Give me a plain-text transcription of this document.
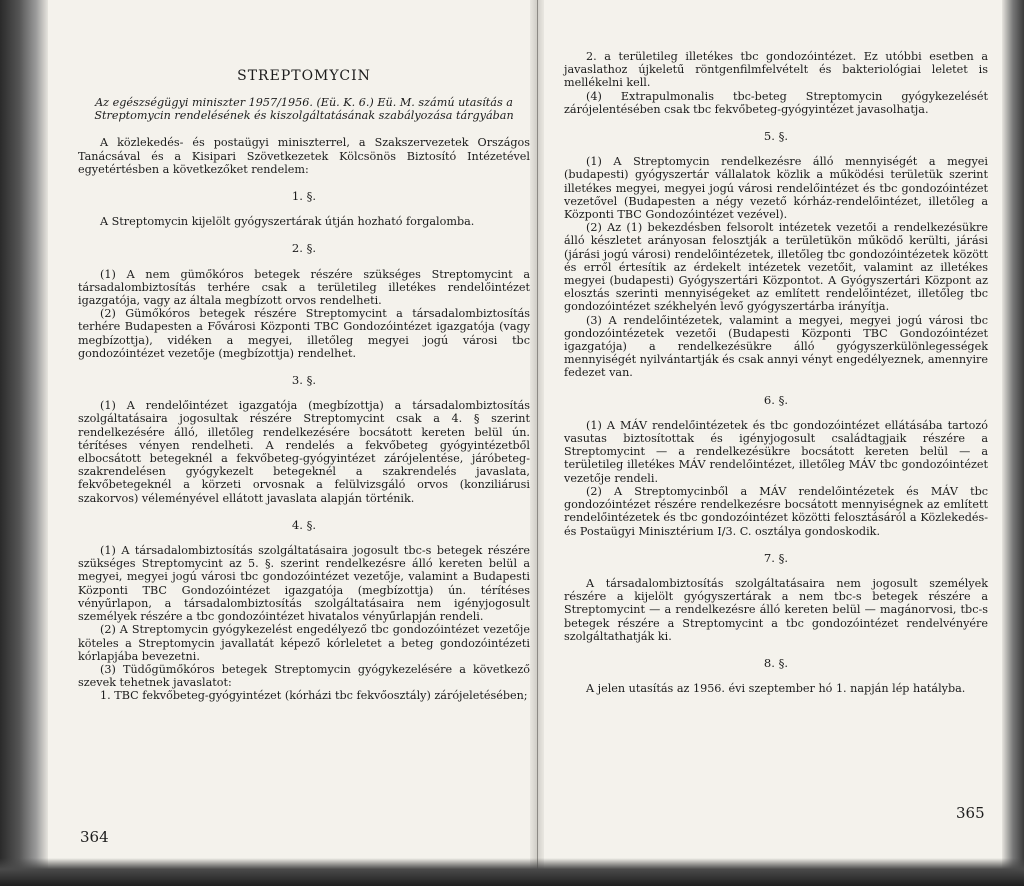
STREPTOMYCIN
Az egészségügyi miniszter 1957/1956. (Eü. K. 6.) Eü. M. számú utasítás a Streptomycin rendelésének és kiszolgáltatásának szabályozása tárgyában

A közlekedés- és postaügyi miniszterrel, a Szakszervezetek Országos Tanácsával és a Kisipari Szövetkezetek Kölcsönös Biztosító Intézetével egyetértésben a következőket rendelem:

1. §.

A Streptomycin kijelölt gyógyszertárak útján hozható forgalomba.

2. §.

(1) A nem gümőkóros betegek részére szükséges Streptomycint a társadalombiztosítás terhére csak a területileg illetékes rendelőintézet igazgatója, vagy az általa megbízott orvos rendelheti.

(2) Gümőkóros betegek részére Streptomycint a társadalombiztosítás terhére Budapesten a Fővárosi Központi TBC Gondozóintézet igazgatója (vagy megbízottja), vidéken a megyei, illetőleg megyei jogú városi tbc gondozóintézet vezetője (megbízottja) rendelhet.

3. §.

(1) A rendelőintézet igazgatója (megbízottja) a társadalombiztosítás szolgáltatásaira jogosultak részére Streptomycint csak a 4. § szerint rendelkezésére álló, illetőleg rendelkezésére bocsátott kereten belül ún. térítéses vényen rendelheti. A rendelés a fekvőbeteg gyógyintézetből elbocsátott betegeknél a fekvőbeteg-gyógyintézet zárójelentése, járóbeteg-szakrendelésen gyógykezelt betegeknél a szakrendelés javaslata, fekvőbetegeknél a körzeti orvosnak a felülvizsgáló orvos (konziliárusi szakorvos) véleményével ellátott javaslata alapján történik.

4. §.

(1) A társadalombiztosítás szolgáltatásaira jogosult tbc-s betegek részére szükséges Streptomycint az 5. §. szerint rendelkezésre álló kereten belül a megyei, megyei jogú városi tbc gondozóintézet vezetője, valamint a Budapesti Központi TBC Gondozóintézet igazgatója (megbízottja) ún. térítéses vényűrlapon, a társadalombiztosítás szolgáltatásaira nem igényjogosult személyek részére a tbc gondozóintézet hivatalos vényűrlapján rendeli.

(2) A Streptomycin gyógykezelést engedélyező tbc gondozóintézet vezetője köteles a Streptomycin javallatát képező kórleletet a beteg gondozóintézeti kórlapjába bevezetni.

(3) Tüdőgümőkóros betegek Streptomycin gyógykezelésére a következő szevek tehetnek javaslatot:

1. TBC fekvőbeteg-gyógyintézet (kórházi tbc fekvőosztály) zárójeletésében;

364

2. a területileg illetékes tbc gondozóintézet. Ez utóbbi esetben a javaslathoz újkeletű röntgenfilmfelvételt és bakteriológiai leletet is mellékelni kell.

(4) Extrapulmonalis tbc-beteg Streptomycin gyógykezelését zárójelentésében csak tbc fekvőbeteg-gyógyintézet javasolhatja.

5. §.

(1) A Streptomycin rendelkezésre álló mennyiségét a megyei (budapesti) gyógyszertár vállalatok közlik a működési területük szerint illetékes megyei, megyei jogú városi rendelőintézet és tbc gondozóintézet vezetővel (Budapesten a négy vezető kórház-rendelőintézet, illetőleg a Központi TBC Gondozóintézet vezével).

(2) Az (1) bekezdésben felsorolt intézetek vezetői a rendelkezésükre álló készletet arányosan felosztják a területükön működő kerülti, járási (járási jogú városi) rendelőintézetek, illetőleg tbc gondozóintézetek között és erről értesítik az érdekelt intézetek vezetőit, valamint az illetékes megyei (budapesti) Gyógyszertári Központot. A Gyógyszertári Központ az elosztás szerinti mennyiségeket az említett rendelőintézet, illetőleg tbc gondozóintézet székhelyén levő gyógyszertárba irányítja.

(3) A rendelőintézetek, valamint a megyei, megyei jogú városi tbc gondozóintézetek vezetői (Budapesti Központi TBC Gondozóintézet igazgatója) a rendelkezésükre álló gyógyszerkülönlegességek mennyiségét nyilvántartják és csak annyi vényt engedélyeznek, amennyire fedezet van.

6. §.

(1) A MÁV rendelőintézetek és tbc gondozóintézet ellátásába tartozó vasutas biztosítottak és igényjogosult családtagjaik részére a Streptomycint — a rendelkezésükre bocsátott kereten belül — a területileg illetékes MÁV rendelőintézet, illetőleg MÁV tbc gondozóintézet vezetője rendeli.

(2) A Streptomycinből a MÁV rendelőintézetek és MÁV tbc gondozóintézet részére rendelkezésre bocsátott mennyiségnek az említett rendelőintézetek és tbc gondozóintézet közötti felosztásáról a Közlekedés- és Postaügyi Minisztérium I/3. C. osztálya gondoskodik.

7. §.

A társadalombiztosítás szolgáltatásaira nem jogosult személyek részére a kijelölt gyógyszertárak a nem tbc-s betegek részére a Streptomycint — a rendelkezésre álló kereten belül — magánorvosi, tbc-s betegek részére a Streptomycint a tbc gondozóintézet rendelvényére szolgáltathatják ki.

8. §.

A jelen utasítás az 1956. évi szeptember hó 1. napján lép hatályba.

365
